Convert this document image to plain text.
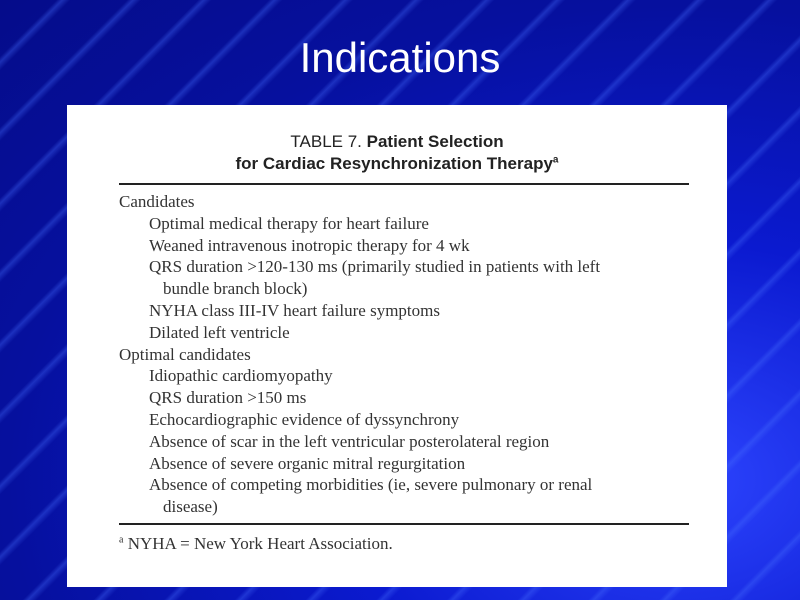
Indications
TABLE 7. Patient Selection
for Cardiac Resynchronization Therapy$^a$
Candidates
Optimal medical therapy for heart failure
Weaned intravenous inotropic therapy for 4 wk
QRS duration >120-130 ms (primarily studied in patients with left
bundle branch block)
NYHA class III-IV heart failure symptoms
Dilated left ventricle
Optimal candidates
Idiopathic cardiomyopathy
QRS duration >150 ms
Echocardiographic evidence of dyssynchrony
Absence of scar in the left ventricular posterolateral region
Absence of severe organic mitral regurgitation
Absence of competing morbidities (ie, severe pulmonary or renal
disease)
$^a$ NYHA = New York Heart Association.
